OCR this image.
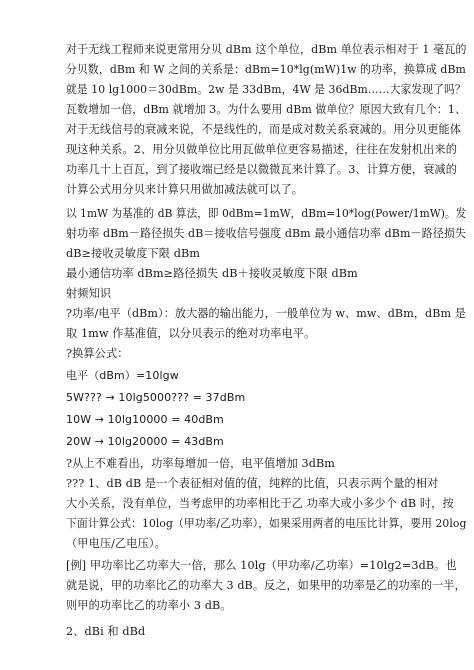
对于无线工程师来说更常用分贝 dBm 这个单位，dBm 单位表示相对于 1 毫瓦的
分贝数，dBm 和 W 之间的关系是：dBm=10*lg(mW)1w 的功率，换算成 dBm
就是 10 lg1000＝30dBm。2w 是 33dBm，4W 是 36dBm……大家发现了吗？
瓦数增加一倍，dBm 就增加 3。为什么要用 dBm 做单位？原因大致有几个：1、
对于无线信号的衰减来说，不是线性的，而是成对数关系衰减的。用分贝更能体
现这种关系。2、用分贝做单位比用瓦做单位更容易描述，往往在发射机出来的
功率几十上百瓦，到了接收端已经是以微微瓦来计算了。3、计算方便，衰减的
计算公式用分贝来计算只用做加减法就可以了。
以 1mW 为基准的 dB 算法，即 0dBm=1mW，dBm=10*log(Power/1mW)。发
射功率 dBm－路径损失 dB＝接收信号强度 dBm 最小通信功率 dBm－路径损失
dB≥接收灵敏度下限 dBm
最小通信功率 dBm≥路径损失 dB＋接收灵敏度下限 dBm
射频知识
?功率/电平（dBm）：放大器的输出能力，一般单位为 w、mw、dBm，dBm 是
取 1mw 作基准值，以分贝表示的绝对功率电平。
?换算公式：
电平（dBm）=10lgw
5W??? → 10lg5000??? = 37dBm
10W → 10lg10000 = 40dBm
20W → 10lg20000 = 43dBm
?从上不难看出，功率每增加一倍，电平值增加 3dBm
??? 1、dB dB 是一个表征相对值的值，纯粹的比值，只表示两个量的相对
大小关系，没有单位，当考虑甲的功率相比于乙 功率大或小多少个 dB 时，按
下面计算公式：10log（甲功率/乙功率），如果采用两者的电压比计算，要用 20log
（甲电压/乙电压）。
[例] 甲功率比乙功率大一倍，那么 10lg（甲功率/乙功率）=10lg2=3dB。也
就是说，甲的功率比乙的功率大 3 dB。反之，如果甲的功率是乙的功率的一半，
则甲的功率比乙的功率小 3 dB。
2、dBi 和 dBd
